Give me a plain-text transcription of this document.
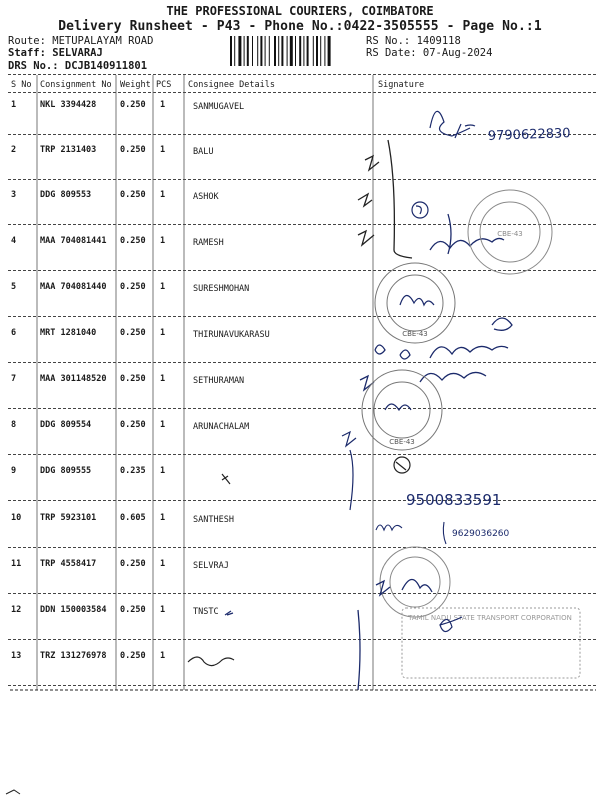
THE PROFESSIONAL COURIERS, COIMBATORE
Delivery Runsheet - P43 - Phone No.:0422-3505555 - Page No.:1
Route: METUPALAYAM ROAD
Staff: SELVARAJ
DRS No.: DCJB140911801
RS No.: 1409118
RS Date: 07-Aug-2024
S No Consignment No Weight PCS Consignee Details	Signature
1	NKL 3394428	0.250 1	SANMUGAVEL
2	TRP 2131403	0.250 1	BALU
3	DDG 809553	0.250 1	ASHOK
4	MAA 704081441 0.250 1	RAMESH
5	MAA 704081440 0.250 1	SURESHMOHAN
6	MRT 1281040	0.250 1	THIRUNAVUKARASU
7	MAA 301148520 0.250 1	SETHURAMAN
8	DDG 809554	0.250 1	ARUNACHALAM
9	DDG 809555	0.235 1
10 TRP 5923101	0.605 1	SANTHESH
11 TRP 4558417	0.250 1	SELVRAJ
12 DDN 150003584 0.250 1	TNSTC
13 TRZ 131276978 0.250 1
9790622830
CBE-43
CBE-43
CBE-43
9500833591
9629036260
TAMIL NADU STATE TRANSPORT CORPORATION
